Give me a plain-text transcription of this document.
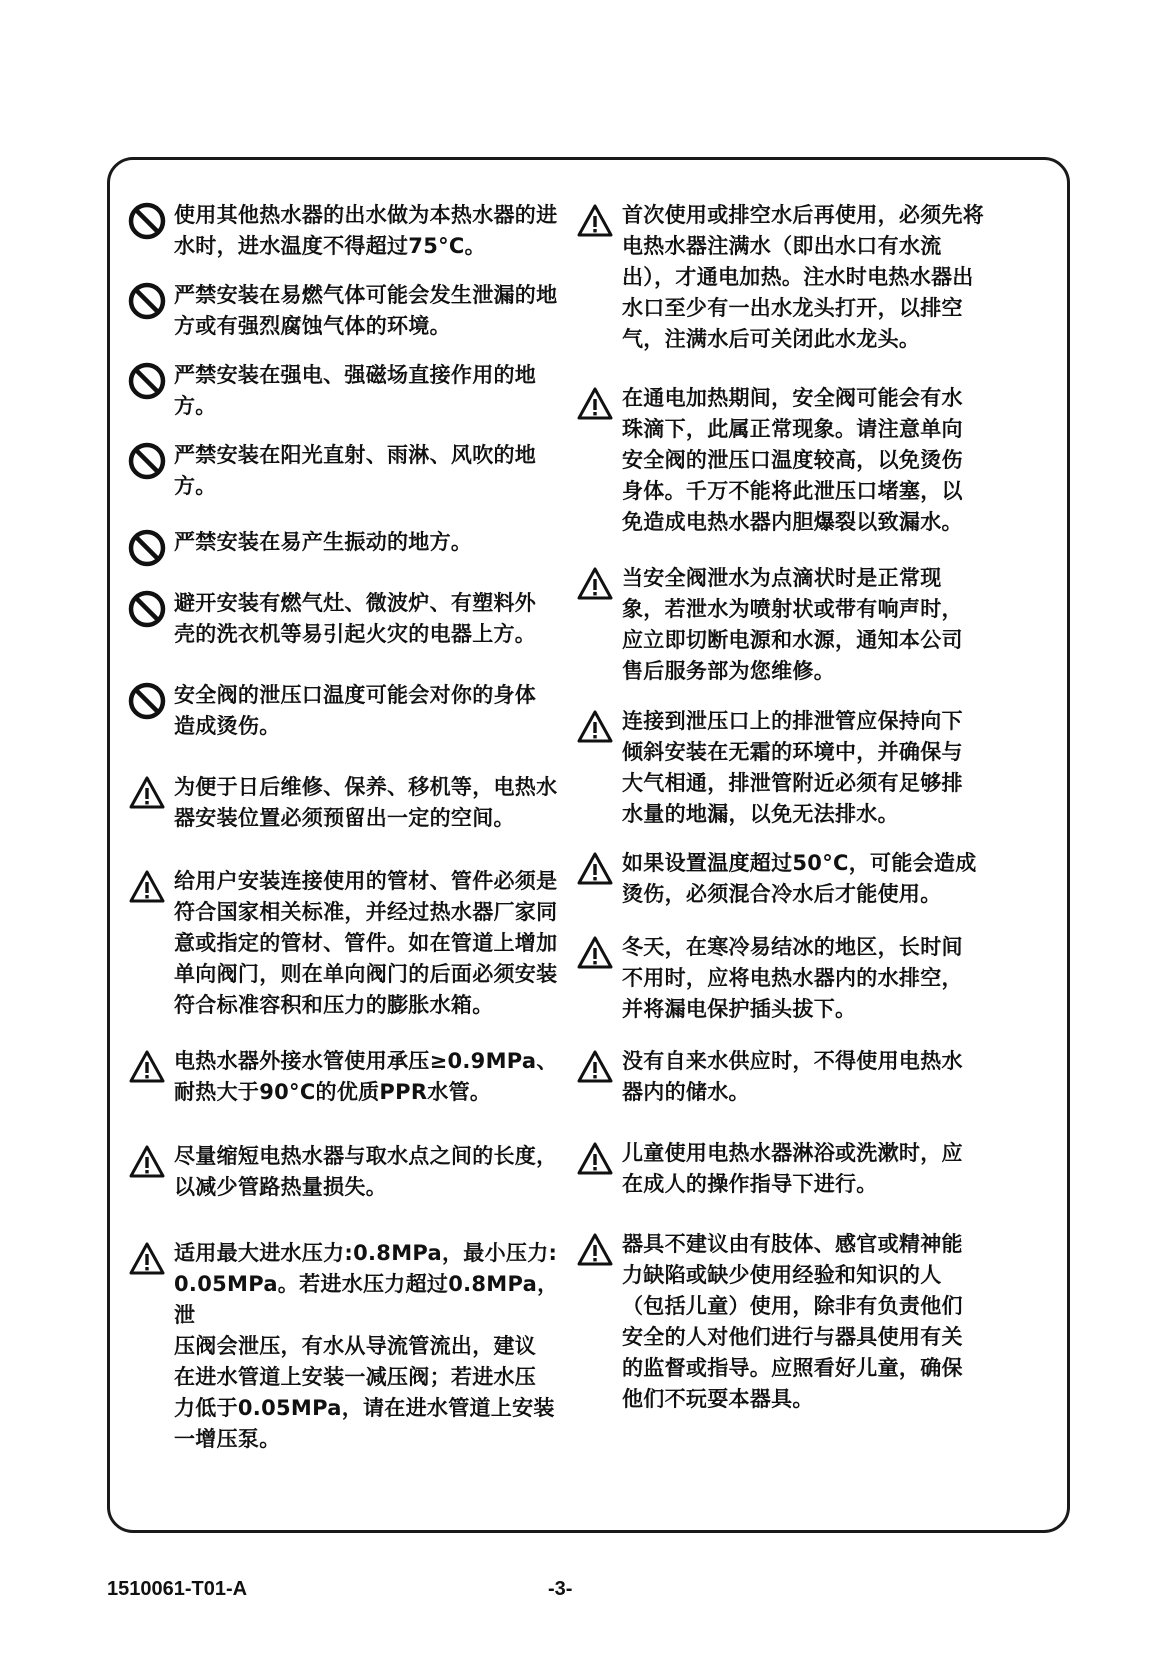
使用其他热水器的出水做为本热水器的进
水时，进水温度不得超过75°C。
严禁安装在易燃气体可能会发生泄漏的地
方或有强烈腐蚀气体的环境。
严禁安装在强电、强磁场直接作用的地
方。
严禁安装在阳光直射、雨淋、风吹的地
方。
严禁安装在易产生振动的地方。
避开安装有燃气灶、微波炉、有塑料外
壳的洗衣机等易引起火灾的电器上方。
安全阀的泄压口温度可能会对你的身体
造成烫伤。
为便于日后维修、保养、移机等，电热水
器安装位置必须预留出一定的空间。
给用户安装连接使用的管材、管件必须是
符合国家相关标准，并经过热水器厂家同
意或指定的管材、管件。如在管道上增加
单向阀门，则在单向阀门的后面必须安装
符合标准容积和压力的膨胀水箱。
电热水器外接水管使用承压≥0.9MPa、
耐热大于90°C的优质PPR水管。
尽量缩短电热水器与取水点之间的长度，
以减少管路热量损失。
适用最大进水压力:0.8MPa，最小压力:
0.05MPa。若进水压力超过0.8MPa，泄
压阀会泄压，有水从导流管流出，建议
在进水管道上安装一减压阀；若进水压
力低于0.05MPa，请在进水管道上安装
一增压泵。
首次使用或排空水后再使用，必须先将
电热水器注满水（即出水口有水流
出），才通电加热。注水时电热水器出
水口至少有一出水龙头打开，以排空
气，注满水后可关闭此水龙头。
在通电加热期间，安全阀可能会有水
珠滴下，此属正常现象。请注意单向
安全阀的泄压口温度较高，以免烫伤
身体。千万不能将此泄压口堵塞，以
免造成电热水器内胆爆裂以致漏水。
当安全阀泄水为点滴状时是正常现
象，若泄水为喷射状或带有响声时，
应立即切断电源和水源，通知本公司
售后服务部为您维修。
连接到泄压口上的排泄管应保持向下
倾斜安装在无霜的环境中，并确保与
大气相通，排泄管附近必须有足够排
水量的地漏，以免无法排水。
如果设置温度超过50°C，可能会造成
烫伤，必须混合冷水后才能使用。
冬天，在寒冷易结冰的地区，长时间
不用时，应将电热水器内的水排空，
并将漏电保护插头拔下。
没有自来水供应时，不得使用电热水
器内的储水。
儿童使用电热水器淋浴或洗漱时，应
在成人的操作指导下进行。
器具不建议由有肢体、感官或精神能
力缺陷或缺少使用经验和知识的人
（包括儿童）使用，除非有负责他们
安全的人对他们进行与器具使用有关
的监督或指导。应照看好儿童，确保
他们不玩耍本器具。
1510061-T01-A	-3-
